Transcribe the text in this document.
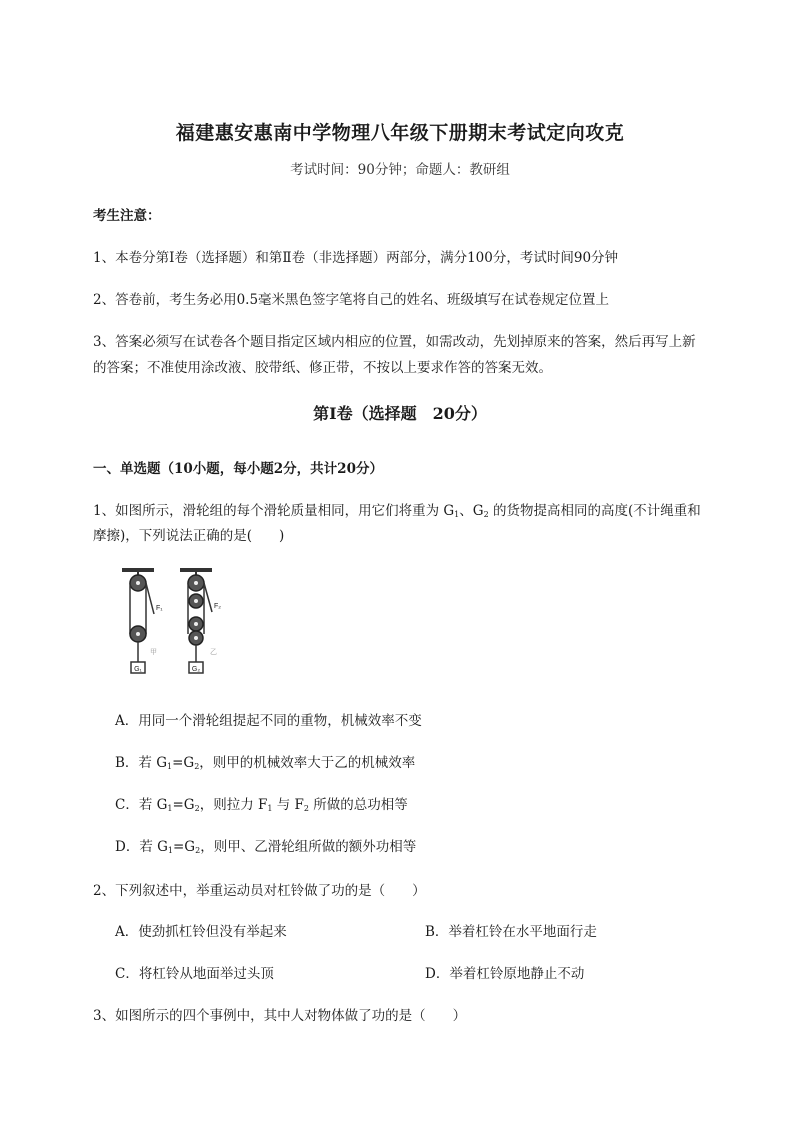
福建惠安惠南中学物理八年级下册期末考试定向攻克
考试时间：90分钟；命题人：教研组
考生注意：
1、本卷分第Ⅰ卷（选择题）和第Ⅱ卷（非选择题）两部分，满分100分，考试时间90分钟
2、答卷前，考生务必用0.5毫米黑色签字笔将自己的姓名、班级填写在试卷规定位置上
3、答案必须写在试卷各个题目指定区域内相应的位置，如需改动，先划掉原来的答案，然后再写上新
的答案；不准使用涂改液、胶带纸、修正带，不按以上要求作答的答案无效。
第Ⅰ卷（选择题　20分）
一、单选题（10小题，每小题2分，共计20分）
1、如图所示，滑轮组的每个滑轮质量相同，用它们将重为 $G_1$、$G_2$ 的货物提高相同的高度(不计绳重和
摩擦)，下列说法正确的是(　　)
G₁
F₁
甲
G₂
F₂
乙
A．用同一个滑轮组提起不同的重物，机械效率不变
B．若 $G_1=G_2$，则甲的机械效率大于乙的机械效率
C．若 $G_1=G_2$，则拉力 $F_1$ 与 $F_2$ 所做的总功相等
D．若 $G_1=G_2$，则甲、乙滑轮组所做的额外功相等
2、下列叙述中，举重运动员对杠铃做了功的是（　　）
A．使劲抓杠铃但没有举起来	B．举着杠铃在水平地面行走
C．将杠铃从地面举过头顶	D．举着杠铃原地静止不动
3、如图所示的四个事例中，其中人对物体做了功的是（　　）
